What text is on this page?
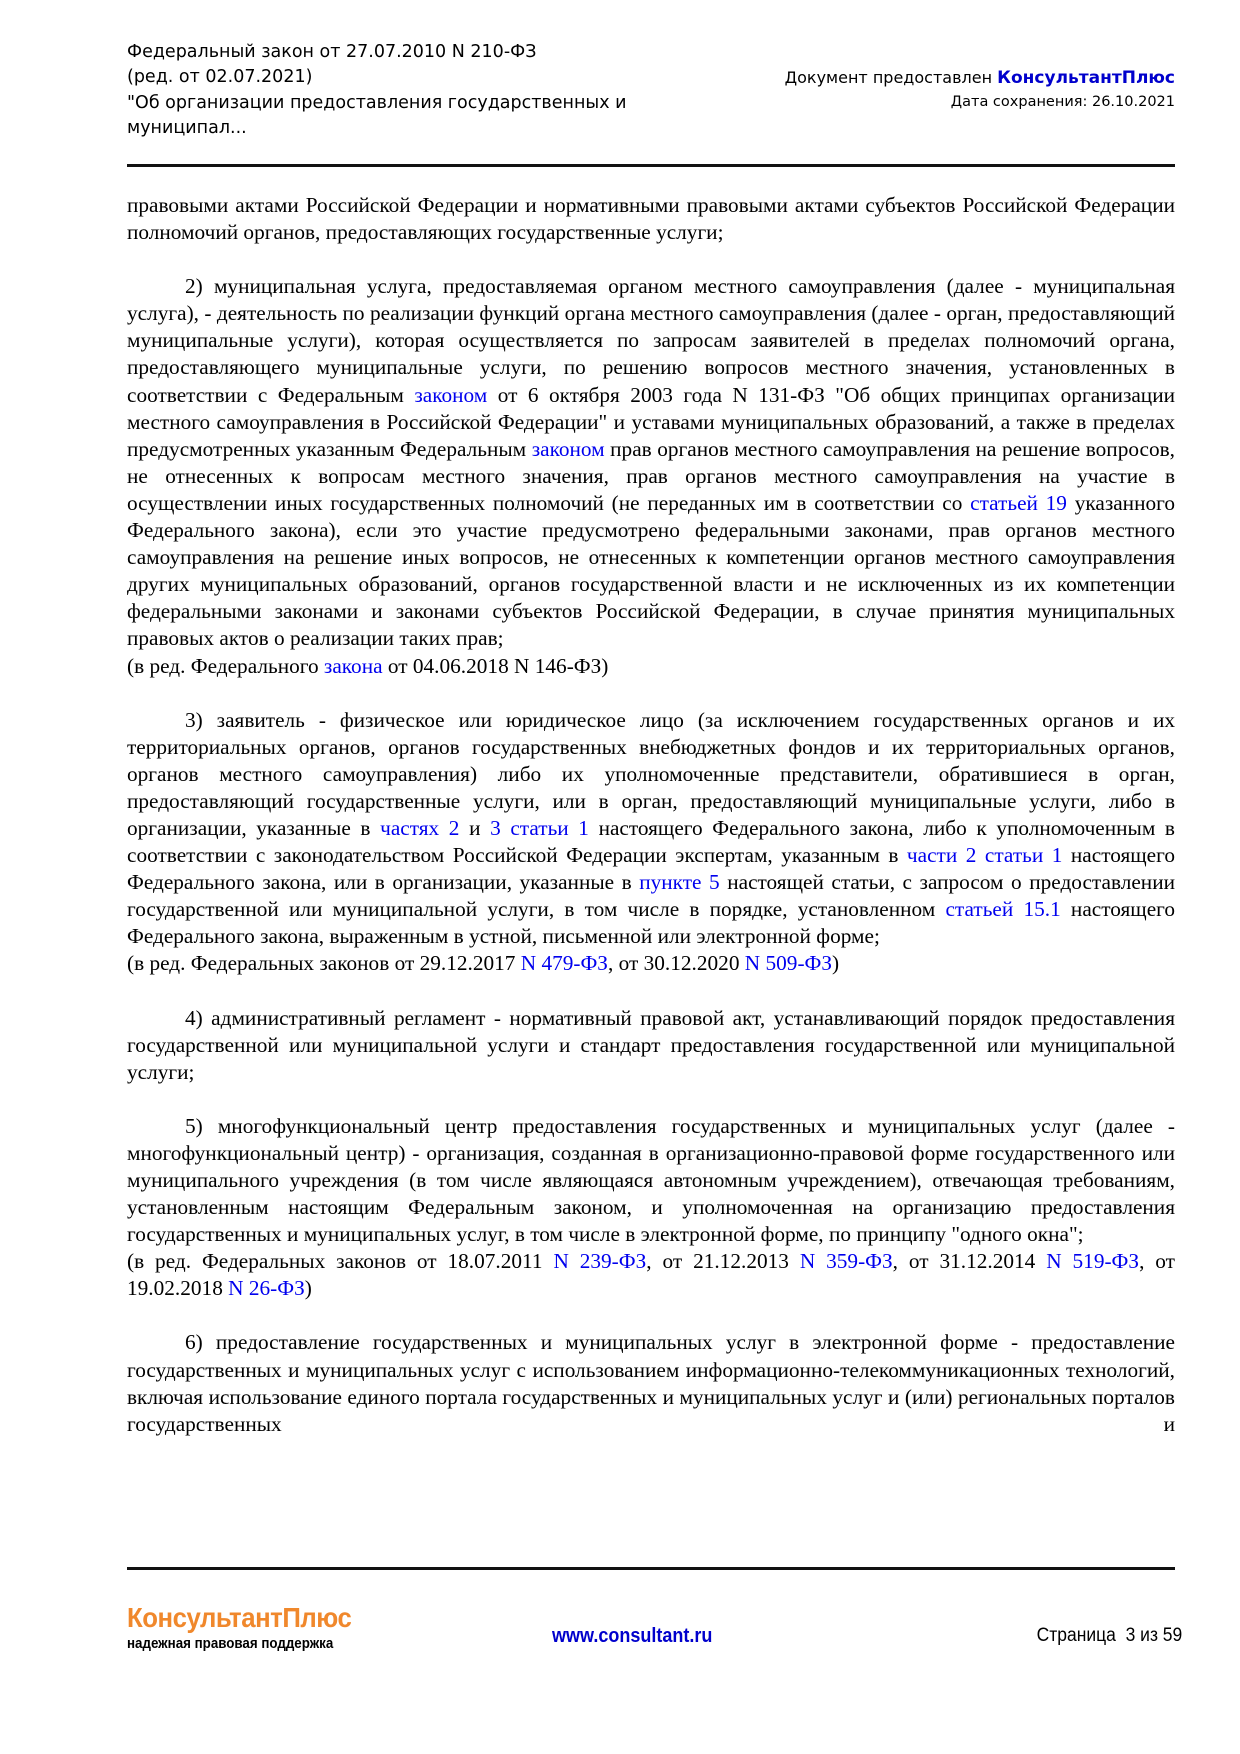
Федеральный закон от 27.07.2010 N 210-ФЗ
(ред. от 02.07.2021)
"Об организации предоставления государственных и
муниципал...
Документ предоставлен КонсультантПлюс
Дата сохранения: 26.10.2021

правовыми актами Российской Федерации и нормативными правовыми актами субъектов Российской Федерации полномочий органов, предоставляющих государственные услуги;

2) муниципальная услуга, предоставляемая органом местного самоуправления (далее - муниципальная услуга), - деятельность по реализации функций органа местного самоуправления (далее - орган, предоставляющий муниципальные услуги), которая осуществляется по запросам заявителей в пределах полномочий органа, предоставляющего муниципальные услуги, по решению вопросов местного значения, установленных в соответствии с Федеральным законом от 6 октября 2003 года N 131-ФЗ "Об общих принципах организации местного самоуправления в Российской Федерации" и уставами муниципальных образований, а также в пределах предусмотренных указанным Федеральным законом прав органов местного самоуправления на решение вопросов, не отнесенных к вопросам местного значения, прав органов местного самоуправления на участие в осуществлении иных государственных полномочий (не переданных им в соответствии со статьей 19 указанного Федерального закона), если это участие предусмотрено федеральными законами, прав органов местного самоуправления на решение иных вопросов, не отнесенных к компетенции органов местного самоуправления других муниципальных образований, органов государственной власти и не исключенных из их компетенции федеральными законами и законами субъектов Российской Федерации, в случае принятия муниципальных правовых актов о реализации таких прав;

(в ред. Федерального закона от 04.06.2018 N 146-ФЗ)

3) заявитель - физическое или юридическое лицо (за исключением государственных органов и их территориальных органов, органов государственных внебюджетных фондов и их территориальных органов, органов местного самоуправления) либо их уполномоченные представители, обратившиеся в орган, предоставляющий государственные услуги, или в орган, предоставляющий муниципальные услуги, либо в организации, указанные в частях 2 и 3 статьи 1 настоящего Федерального закона, либо к уполномоченным в соответствии с законодательством Российской Федерации экспертам, указанным в части 2 статьи 1 настоящего Федерального закона, или в организации, указанные в пункте 5 настоящей статьи, с запросом о предоставлении государственной или муниципальной услуги, в том числе в порядке, установленном статьей 15.1 настоящего Федерального закона, выраженным в устной, письменной или электронной форме;

(в ред. Федеральных законов от 29.12.2017 N 479-ФЗ, от 30.12.2020 N 509-ФЗ)

4) административный регламент - нормативный правовой акт, устанавливающий порядок предоставления государственной или муниципальной услуги и стандарт предоставления государственной или муниципальной услуги;

5) многофункциональный центр предоставления государственных и муниципальных услуг (далее - многофункциональный центр) - организация, созданная в организационно-правовой форме государственного или муниципального учреждения (в том числе являющаяся автономным учреждением), отвечающая требованиям, установленным настоящим Федеральным законом, и уполномоченная на организацию предоставления государственных и муниципальных услуг, в том числе в электронной форме, по принципу "одного окна";

(в ред. Федеральных законов от 18.07.2011 N 239-ФЗ, от 21.12.2013 N 359-ФЗ, от 31.12.2014 N 519-ФЗ, от 19.02.2018 N 26-ФЗ)

6) предоставление государственных и муниципальных услуг в электронной форме - предоставление государственных и муниципальных услуг с использованием информационно-телекоммуникационных технологий, включая использование единого портала государственных и муниципальных услуг и (или) региональных порталов государственных и

КонсультантПлюс
надежная правовая поддержка	www.consultant.ru	Страница  3 из 59
